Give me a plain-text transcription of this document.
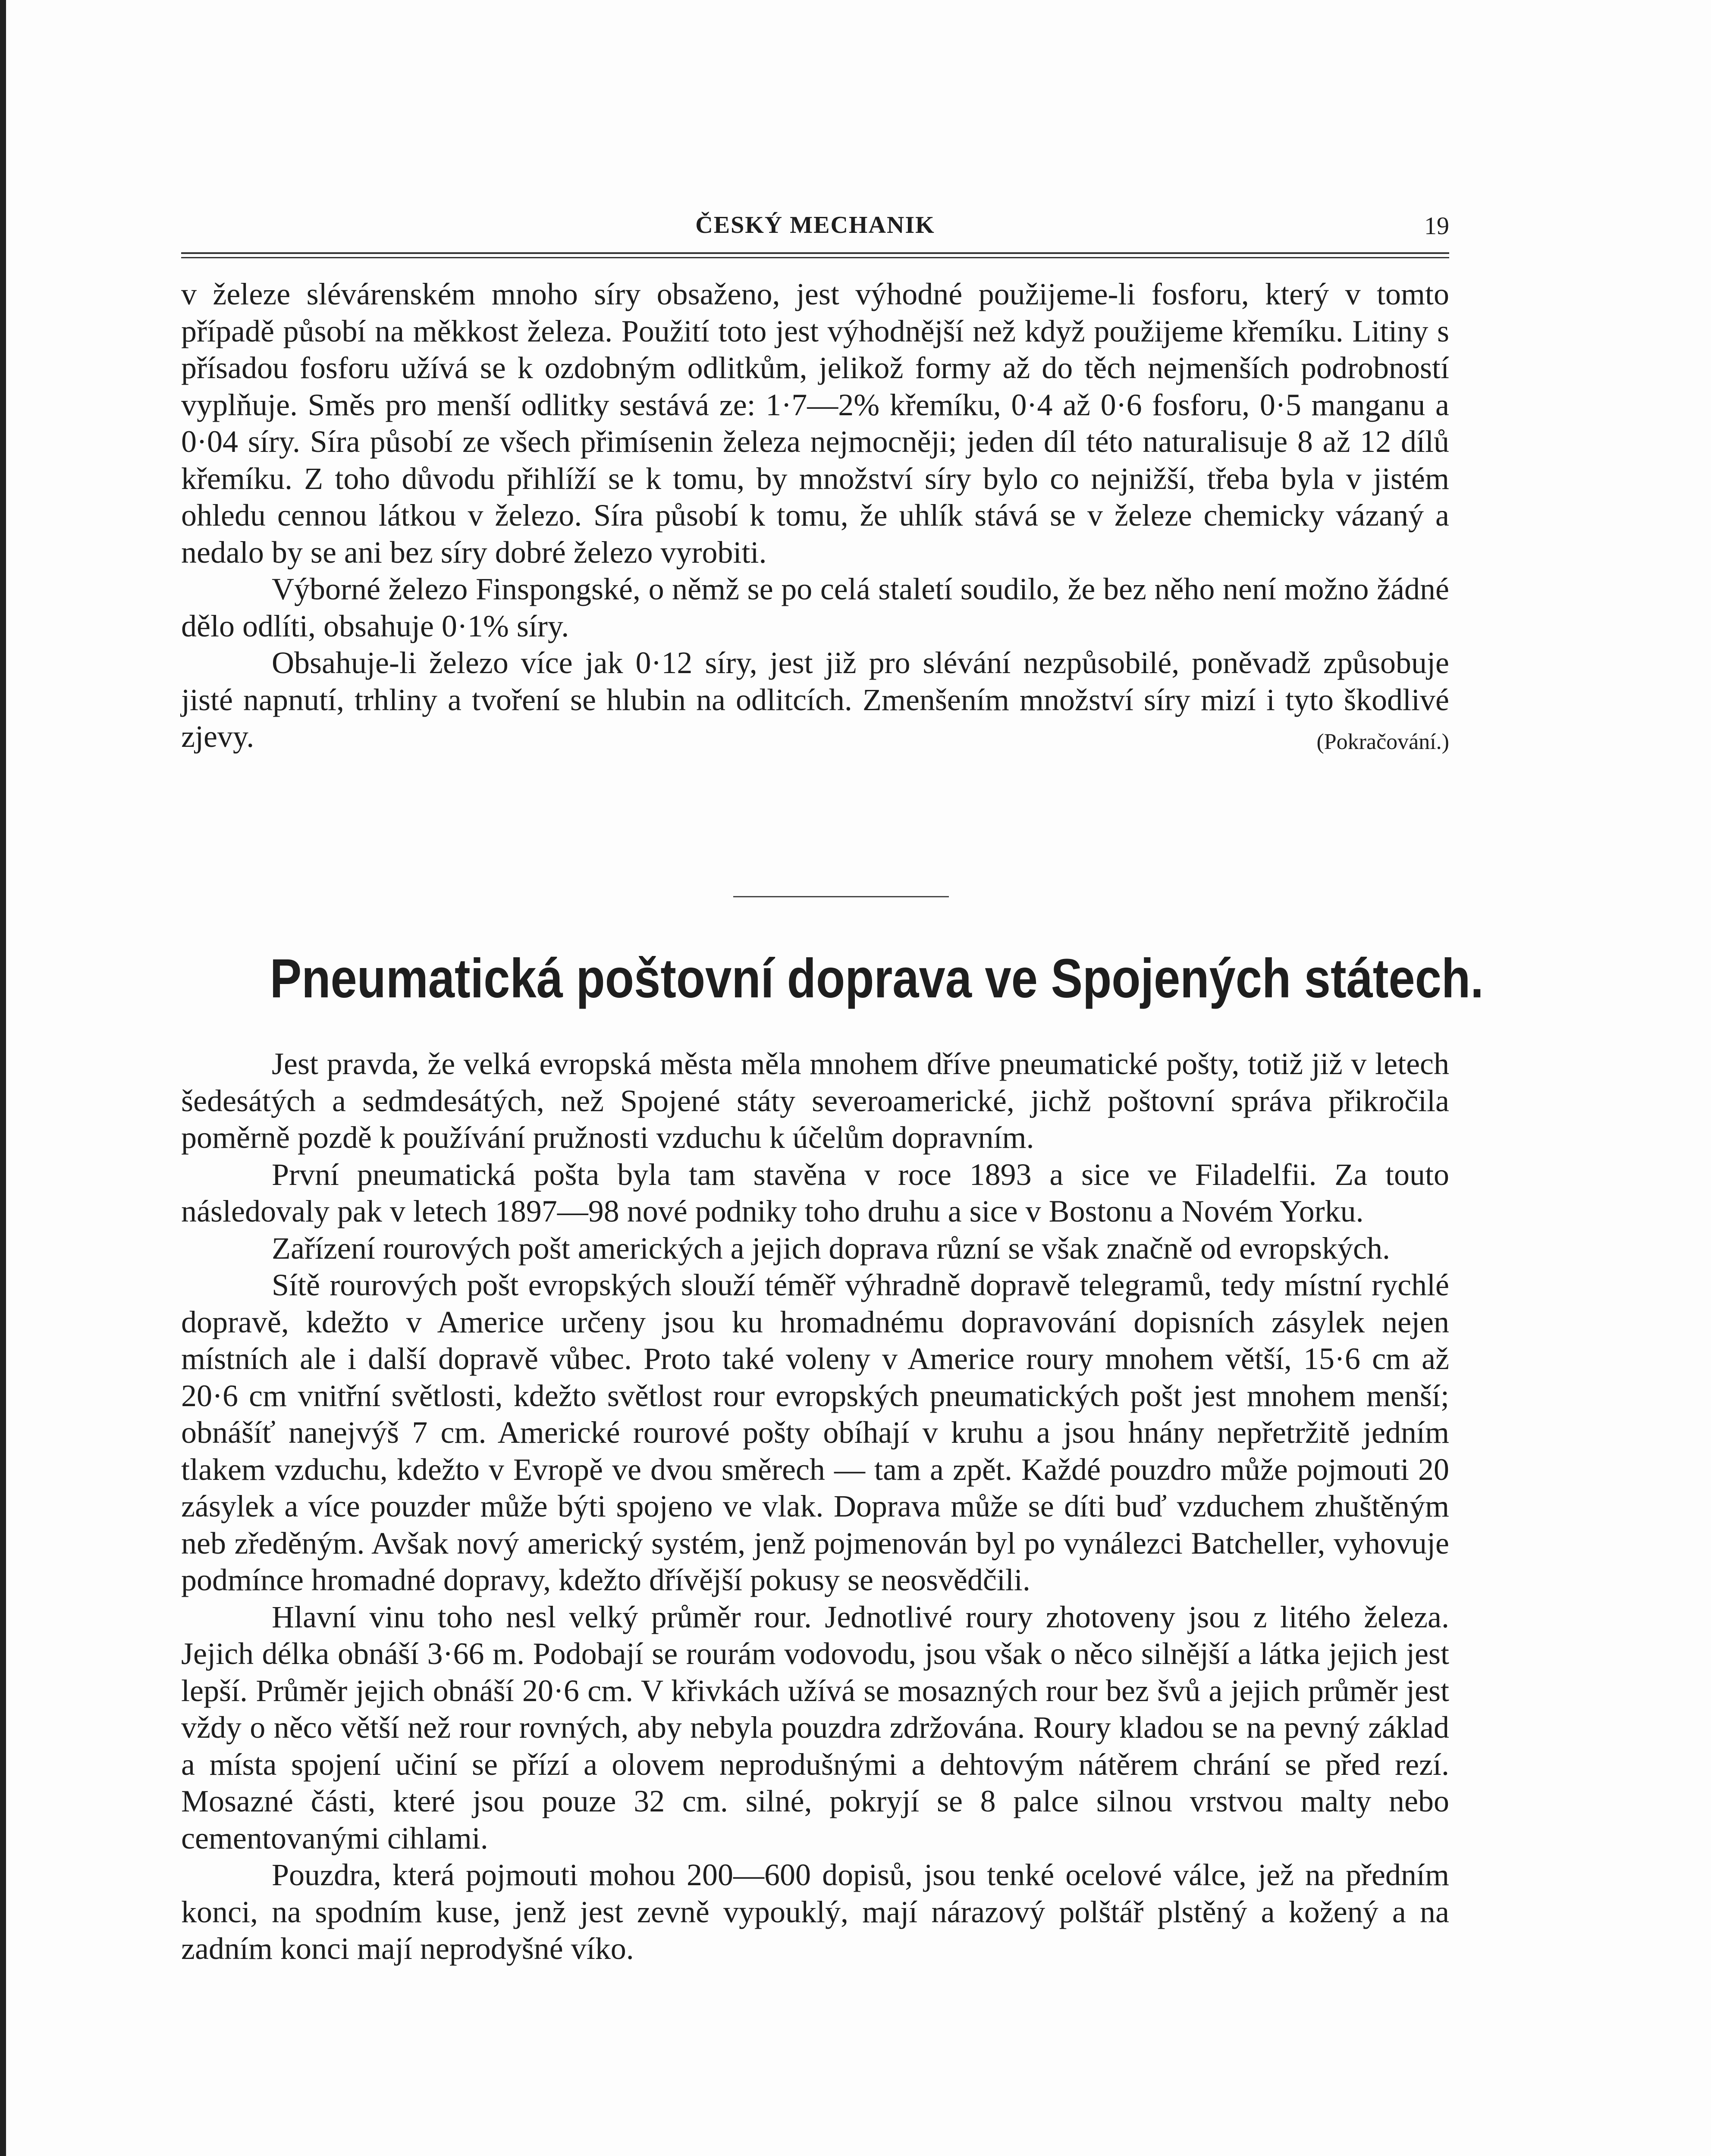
ČESKÝ MECHANIK	19

v železe slévárenském mnoho síry obsaženo, jest výhodné použijeme-li fosforu, který v tomto případě působí na měkkost železa. Použití toto jest výhodnější než když použijeme křemíku. Litiny s přísadou fosforu užívá se k ozdobným odlitkům, jelikož formy až do těch nejmenších podrobností vyplňuje. Směs pro menší odlitky sestává ze: 1·7—2% křemíku, 0·4 až 0·6 fosforu, 0·5 manganu a 0·04 síry. Síra působí ze všech přimísenin železa nejmocněji; jeden díl této naturalisuje 8 až 12 dílů křemíku. Z toho důvodu přihlíží se k tomu, by množství síry bylo co nejnižší, třeba byla v jistém ohledu cennou látkou v železo. Síra působí k tomu, že uhlík stává se v železe chemicky vázaný a nedalo by se ani bez síry dobré železo vyrobiti.

Výborné železo Finspongské, o němž se po celá staletí soudilo, že bez něho není možno žádné dělo odlíti, obsahuje 0·1% síry.

Obsahuje-li železo více jak 0·12 síry, jest již pro slévání nezpůsobilé, poněvadž způsobuje jisté napnutí, trhliny a tvoření se hlubin na odlitcích. Zmenšením množství síry mizí i tyto škodlivé zjevy.	(Pokračování.)

Pneumatická poštovní doprava ve Spojených státech.

Jest pravda, že velká evropská města měla mnohem dříve pneumatické pošty, totiž již v letech šedesátých a sedmdesátých, než Spojené státy severoamerické, jichž poštovní správa přikročila poměrně pozdě k používání pružnosti vzduchu k účelům dopravním.

První pneumatická pošta byla tam stavěna v roce 1893 a sice ve Filadelfii. Za touto následovaly pak v letech 1897—98 nové podniky toho druhu a sice v Bostonu a Novém Yorku.

Zařízení rourových pošt amerických a jejich doprava různí se však značně od evropských.

Sítě rourových pošt evropských slouží téměř výhradně dopravě telegramů, tedy místní rychlé dopravě, kdežto v Americe určeny jsou ku hromadnému dopravování dopisních zásylek nejen místních ale i další dopravě vůbec. Proto také voleny v Americe roury mnohem větší, 15·6 cm až 20·6 cm vnitřní světlosti, kdežto světlost rour evropských pneumatických pošt jest mnohem menší; obnášíť nanejvýš 7 cm. Americké rourové pošty obíhají v kruhu a jsou hnány nepřetržitě jedním tlakem vzduchu, kdežto v Evropě ve dvou směrech — tam a zpět. Každé pouzdro může pojmouti 20 zásylek a více pouzder může býti spojeno ve vlak. Doprava může se díti buď vzduchem zhuštěným neb zředěným. Avšak nový americký systém, jenž pojmenován byl po vynálezci Batcheller, vyhovuje podmínce hromadné dopravy, kdežto dřívější pokusy se neosvědčili.

Hlavní vinu toho nesl velký průměr rour. Jednotlivé roury zhotoveny jsou z litého železa. Jejich délka obnáší 3·66 m. Podobají se rourám vodovodu, jsou však o něco silnější a látka jejich jest lepší. Průměr jejich obnáší 20·6 cm. V křivkách užívá se mosazných rour bez švů a jejich průměr jest vždy o něco větší než rour rovných, aby nebyla pouzdra zdržována. Roury kladou se na pevný základ a místa spojení učiní se přízí a olovem neprodušnými a dehtovým nátěrem chrání se před rezí. Mosazné části, které jsou pouze 32 cm. silné, pokryjí se 8 palce silnou vrstvou malty nebo cementovanými cihlami.

Pouzdra, která pojmouti mohou 200—600 dopisů, jsou tenké ocelové válce, jež na předním konci, na spodním kuse, jenž jest zevně vypouklý, mají nárazový polštář plstěný a kožený a na zadním konci mají neprodyšné víko.
